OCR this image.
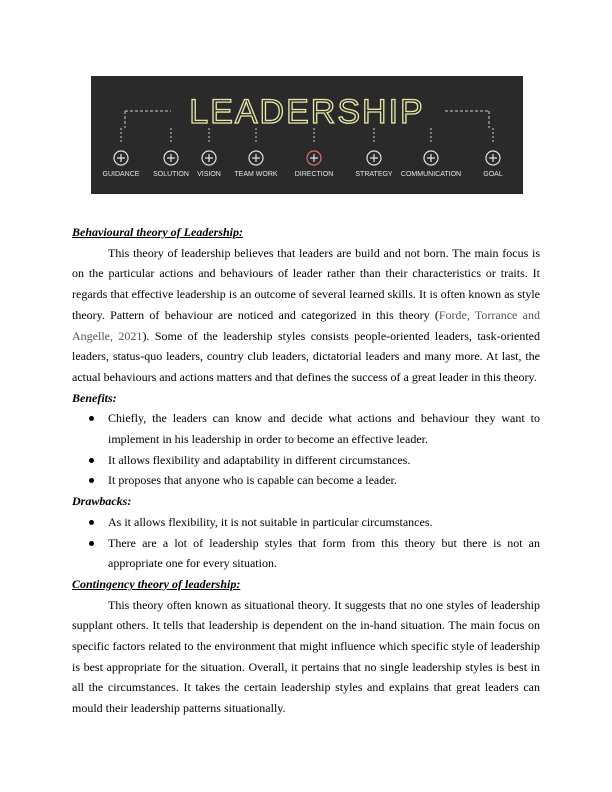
LEADERSHIP
GUIDANCE SOLUTION VISION TEAM WORK DIRECTION	STRATEGY COMMUNICATION	GOAL

Behavioural theory of Leadership:

This theory of leadership believes that leaders are build and not born. The main focus is on the particular actions and behaviours of leader rather than their characteristics or traits. It regards that effective leadership is an outcome of several learned skills. It is often known as style theory. Pattern of behaviour are noticed and categorized in this theory (Forde, Torrance and Angelle, 2021). Some of the leadership styles consists people-oriented leaders, task-oriented leaders, status-quo leaders, country club leaders, dictatorial leaders and many more. At last, the actual behaviours and actions matters and that defines the success of a great leader in this theory.

Benefits:

Chiefly, the leaders can know and decide what actions and behaviour they want to implement in his leadership in order to become an effective leader.
It allows flexibility and adaptability in different circumstances.
It proposes that anyone who is capable can become a leader.

Drawbacks:

As it allows flexibility, it is not suitable in particular circumstances.
There are a lot of leadership styles that form from this theory but there is not an appropriate one for every situation.

Contingency theory of leadership:

This theory often known as situational theory. It suggests that no one styles of leadership supplant others. It tells that leadership is dependent on the in-hand situation. The main focus on specific factors related to the environment that might influence which specific style of leadership is best appropriate for the situation. Overall, it pertains that no single leadership styles is best in all the circumstances. It takes the certain leadership styles and explains that great leaders can mould their leadership patterns situationally.
